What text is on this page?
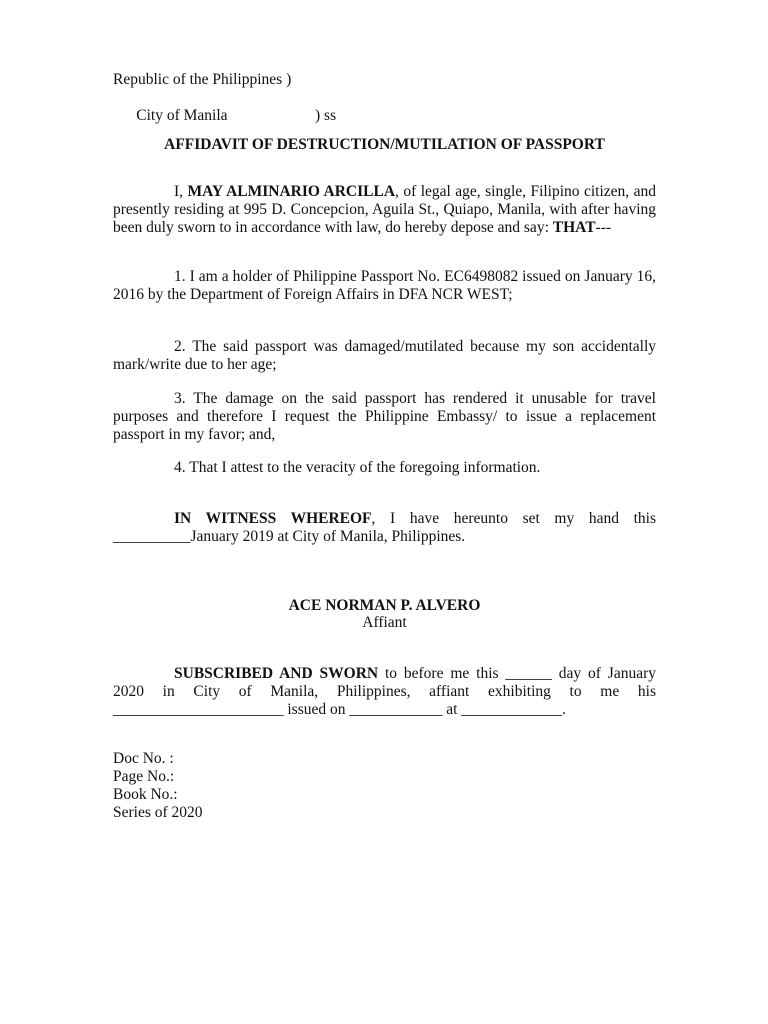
Republic of the Philippines )

City of Manila	) ss

AFFIDAVIT OF DESTRUCTION/MUTILATION OF PASSPORT

I, MAY ALMINARIO ARCILLA, of legal age, single, Filipino citizen, and presently residing at 995 D. Concepcion, Aguila St., Quiapo, Manila, with after having been duly sworn to in accordance with law, do hereby depose and say: THAT---

1. I am a holder of Philippine Passport No. EC6498082 issued on January 16, 2016 by the Department of Foreign Affairs in DFA NCR WEST;

2. The said passport was damaged/mutilated because my son accidentally mark/write due to her age;

3. The damage on the said passport has rendered it unusable for travel purposes and therefore I request the Philippine Embassy/ to issue a replacement passport in my favor; and,

4. That I attest to the veracity of the foregoing information.

IN WITNESS WHEREOF, I have hereunto set my hand this __________January 2019 at City of Manila, Philippines.

ACE NORMAN P. ALVERO
Affiant

SUBSCRIBED AND SWORN to before me this ______ day of January 2020 in City of Manila, Philippines, affiant exhibiting to me his ______________________ issued on ____________ at _____________.

Doc No. :
Page No.:
Book No.:
Series of 2020
